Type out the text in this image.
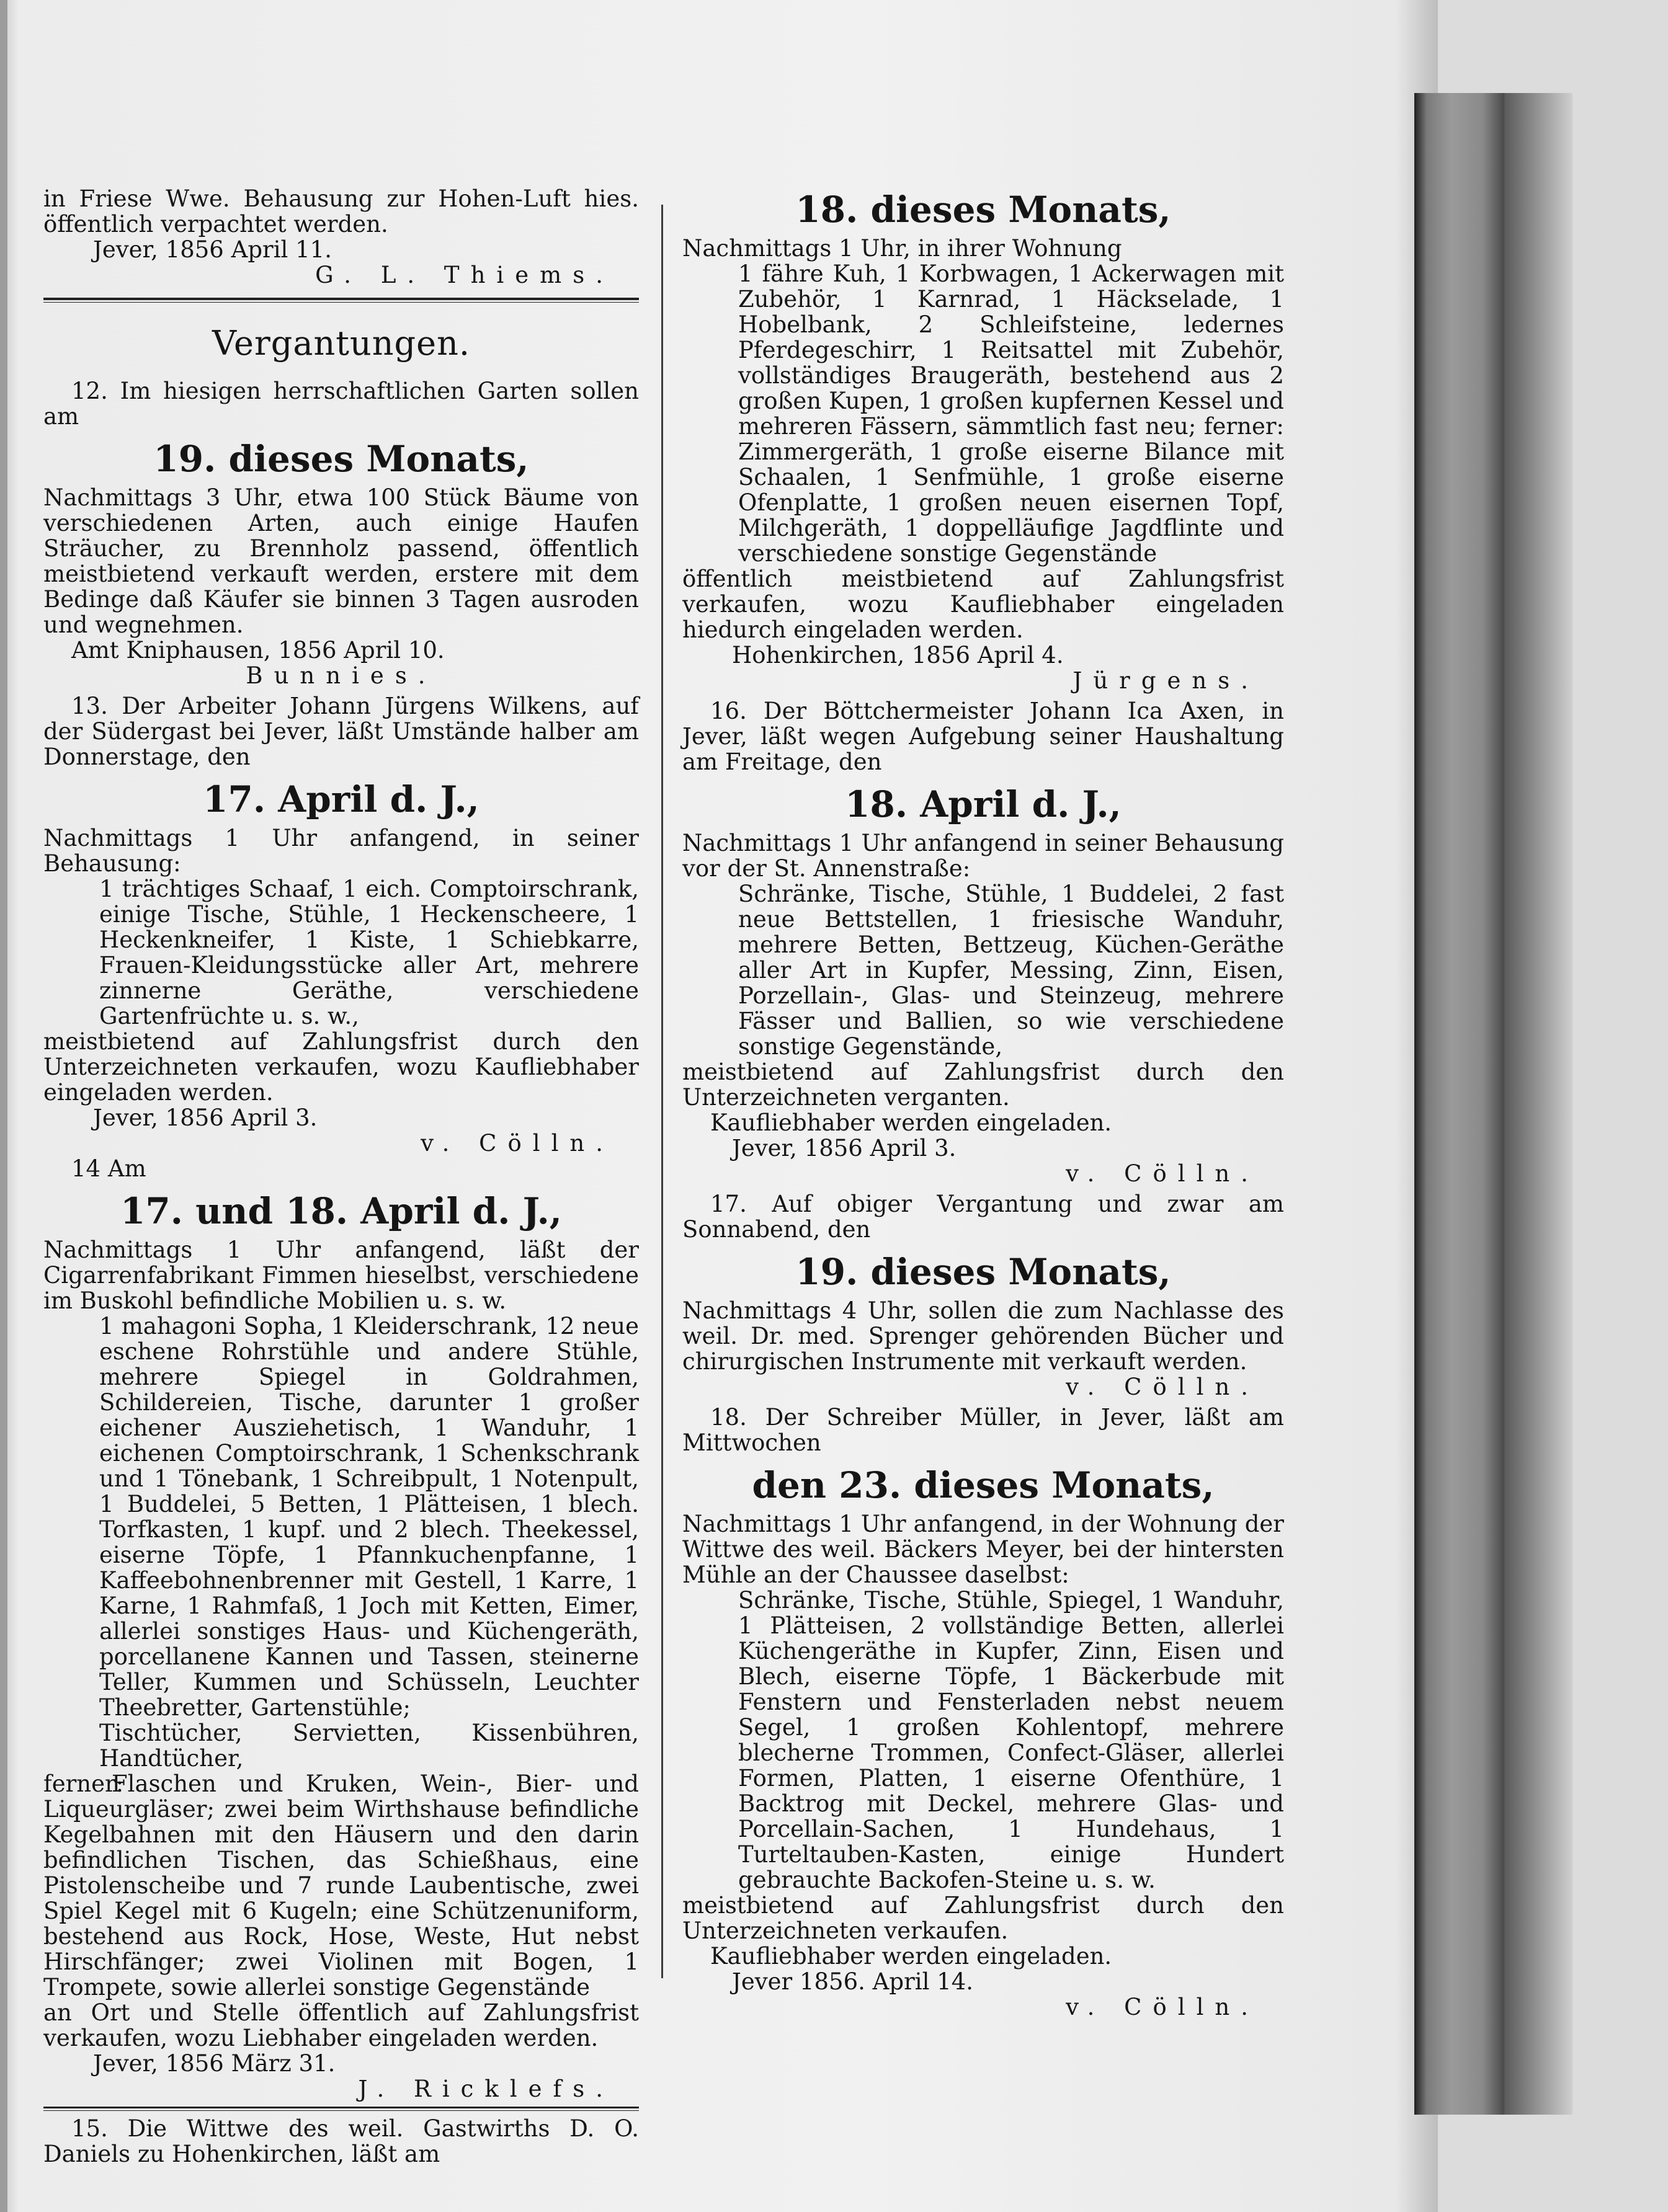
in Friese Wwe. Behausung zur Hohen-Luft hies. öffentlich verpachtet werden.

Jever, 1856 April 11.

G. L. Thiems.

Vergantungen.

12. Im hiesigen herrschaftlichen Garten sollen am

19. dieses Monats,

Nachmittags 3 Uhr, etwa 100 Stück Bäume von verschiedenen Arten, auch einige Haufen Sträucher, zu Brennholz passend, öffentlich meistbietend verkauft werden, erstere mit dem Bedinge daß Käufer sie binnen 3 Tagen ausroden und wegnehmen.

Amt Kniphausen, 1856 April 10.

Bunnies.

13. Der Arbeiter Johann Jürgens Wilkens, auf der Südergast bei Jever, läßt Umstände halber am Donnerstage, den

17. April d. J.,

Nachmittags 1 Uhr anfangend, in seiner Behausung:

1 trächtiges Schaaf, 1 eich. Comptoirschrank, einige Tische, Stühle, 1 Heckenscheere, 1 Heckenkneifer, 1 Kiste, 1 Schiebkarre, Frauen-Kleidungsstücke aller Art, mehrere zinnerne Geräthe, verschiedene Gartenfrüchte u. s. w.,

meistbietend auf Zahlungsfrist durch den Unterzeichneten verkaufen, wozu Kaufliebhaber eingeladen werden.

Jever, 1856 April 3.

v. Cölln.

14 Am

17. und 18. April d. J.,

Nachmittags 1 Uhr anfangend, läßt der Cigarrenfabrikant Fimmen hieselbst, verschiedene im Buskohl befindliche Mobilien u. s. w.

1 mahagoni Sopha, 1 Kleiderschrank, 12 neue eschene Rohrstühle und andere Stühle, mehrere Spiegel in Goldrahmen, Schildereien, Tische, darunter 1 großer eichener Ausziehetisch, 1 Wanduhr, 1 eichenen Comptoirschrank, 1 Schenkschrank und 1 Tönebank, 1 Schreibpult, 1 Notenpult, 1 Buddelei, 5 Betten, 1 Plätteisen, 1 blech. Torfkasten, 1 kupf. und 2 blech. Theekessel, eiserne Töpfe, 1 Pfannkuchenpfanne, 1 Kaffeebohnenbrenner mit Gestell, 1 Karre, 1 Karne, 1 Rahmfaß, 1 Joch mit Ketten, Eimer, allerlei sonstiges Haus- und Küchengeräth, porcellanene Kannen und Tassen, steinerne Teller, Kummen und Schüsseln, Leuchter Theebretter, Gartenstühle;

Tischtücher, Servietten, Kissenbühren, Handtücher,

ferner:Flaschen und Kruken, Wein-, Bier- und Liqueurgläser; zwei beim Wirthshause befindliche Kegelbahnen mit den Häusern und den darin befindlichen Tischen, das Schießhaus, eine Pistolenscheibe und 7 runde Laubentische, zwei Spiel Kegel mit 6 Kugeln; eine Schützenuniform, bestehend aus Rock, Hose, Weste, Hut nebst Hirschfänger; zwei Violinen mit Bogen, 1 Trompete, sowie allerlei sonstige Gegenstände

an Ort und Stelle öffentlich auf Zahlungsfrist verkaufen, wozu Liebhaber eingeladen werden.

Jever, 1856 März 31.

J. Ricklefs.

15. Die Wittwe des weil. Gastwirths D. O. Daniels zu Hohenkirchen, läßt am

18. dieses Monats,

Nachmittags 1 Uhr, in ihrer Wohnung

1 fähre Kuh, 1 Korbwagen, 1 Ackerwagen mit Zubehör, 1 Karnrad, 1 Häckselade, 1 Hobelbank, 2 Schleifsteine, ledernes Pferdegeschirr, 1 Reitsattel mit Zubehör, vollständiges Braugeräth, bestehend aus 2 großen Kupen, 1 großen kupfernen Kessel und mehreren Fässern, sämmtlich fast neu; ferner: Zimmergeräth, 1 große eiserne Bilance mit Schaalen, 1 Senfmühle, 1 große eiserne Ofenplatte, 1 großen neuen eisernen Topf, Milchgeräth, 1 doppelläufige Jagdflinte und verschiedene sonstige Gegenstände

öffentlich meistbietend auf Zahlungsfrist verkaufen, wozu Kaufliebhaber eingeladen hiedurch eingeladen werden.

Hohenkirchen, 1856 April 4.

Jürgens.

16. Der Böttchermeister Johann Ica Axen, in Jever, läßt wegen Aufgebung seiner Haushaltung am Freitage, den

18. April d. J.,

Nachmittags 1 Uhr anfangend in seiner Behausung vor der St. Annenstraße:

Schränke, Tische, Stühle, 1 Buddelei, 2 fast neue Bettstellen, 1 friesische Wanduhr, mehrere Betten, Bettzeug, Küchen-Geräthe aller Art in Kupfer, Messing, Zinn, Eisen, Porzellain-, Glas- und Steinzeug, mehrere Fässer und Ballien, so wie verschiedene sonstige Gegenstände,

meistbietend auf Zahlungsfrist durch den Unterzeichneten verganten.

Kaufliebhaber werden eingeladen.

Jever, 1856 April 3.

v. Cölln.

17. Auf obiger Vergantung und zwar am Sonnabend, den

19. dieses Monats,

Nachmittags 4 Uhr, sollen die zum Nachlasse des weil. Dr. med. Sprenger gehörenden Bücher und chirurgischen Instrumente mit verkauft werden.

v. Cölln.

18. Der Schreiber Müller, in Jever, läßt am Mittwochen

den 23. dieses Monats,

Nachmittags 1 Uhr anfangend, in der Wohnung der Wittwe des weil. Bäckers Meyer, bei der hintersten Mühle an der Chaussee daselbst:

Schränke, Tische, Stühle, Spiegel, 1 Wanduhr, 1 Plätteisen, 2 vollständige Betten, allerlei Küchengeräthe in Kupfer, Zinn, Eisen und Blech, eiserne Töpfe, 1 Bäckerbude mit Fenstern und Fensterladen nebst neuem Segel, 1 großen Kohlentopf, mehrere blecherne Trommen, Confect-Gläser, allerlei Formen, Platten, 1 eiserne Ofenthüre, 1 Backtrog mit Deckel, mehrere Glas- und Porcellain-Sachen, 1 Hundehaus, 1 Turteltauben-Kasten, einige Hundert gebrauchte Backofen-Steine u. s. w.

meistbietend auf Zahlungsfrist durch den Unterzeichneten verkaufen.

Kaufliebhaber werden eingeladen.

Jever 1856. April 14.

v. Cölln.
